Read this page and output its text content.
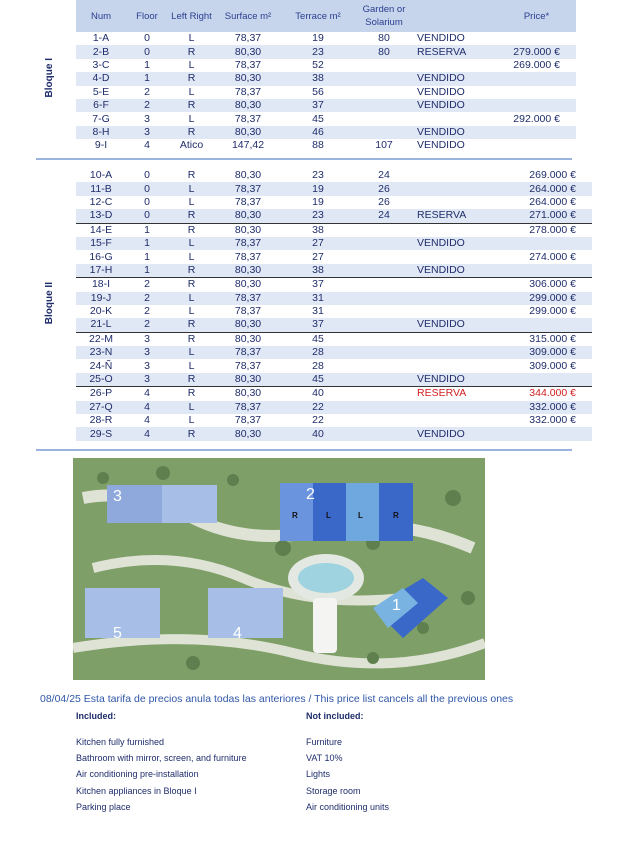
	Num	Floor	Left Right	Surface m²	Terrace m²	Garden or Solarium		Price*
	1-A	0	L	78,37	19	80	VENDIDO	
	2-B	0	R	80,30	23	80	RESERVA	279.000 €
	3-C	1	L	78,37	52			269.000 €
	4-D	1	R	80,30	38		VENDIDO	
	5-E	2	L	78,37	56		VENDIDO	
	6-F	2	R	80,30	37		VENDIDO	
	7-G	3	L	78,37	45			292.000 €
	8-H	3	R	80,30	46		VENDIDO	
	9-I	4	Atico	147,42	88	107	VENDIDO	
Bloque I
	10-A	0	R	80,30	23	24		269.000 €
	11-B	0	L	78,37	19	26		264.000 €
	12-C	0	L	78,37	19	26		264.000 €
	13-D	0	R	80,30	23	24	RESERVA	271.000 €
	14-E	1	R	80,30	38			278.000 €
	15-F	1	L	78,37	27		VENDIDO	
	16-G	1	L	78,37	27			274.000 €
	17-H	1	R	80,30	38		VENDIDO	
	18-I	2	R	80,30	37			306.000 €
	19-J	2	L	78,37	31			299.000 €
	20-K	2	L	78,37	31			299.000 €
	21-L	2	R	80,30	37		VENDIDO	
	22-M	3	R	80,30	45			315.000 €
	23-N	3	L	78,37	28			309.000 €
	24-Ñ	3	L	78,37	28			309.000 €
	25-O	3	R	80,30	45		VENDIDO	
	26-P	4	R	80,30	40		RESERVA	344.000 €
	27-Q	4	L	78,37	22			332.000 €
	28-R	4	L	78,37	22			332.000 €
	29-S	4	R	80,30	40		VENDIDO	
Bloque II
3	2
1
4
5
R	L	L	R
08/04/25 Esta tarifa de precios anula todas las anteriores / This price list cancels all the previous ones
Included:	Not included:
Kitchen fully furnished
Bathroom with mirror, screen, and furniture
Air conditioning pre-installation
Kitchen appliances in Bloque I
Parking place
Furniture
VAT 10%
Lights
Storage room
Air conditioning units
